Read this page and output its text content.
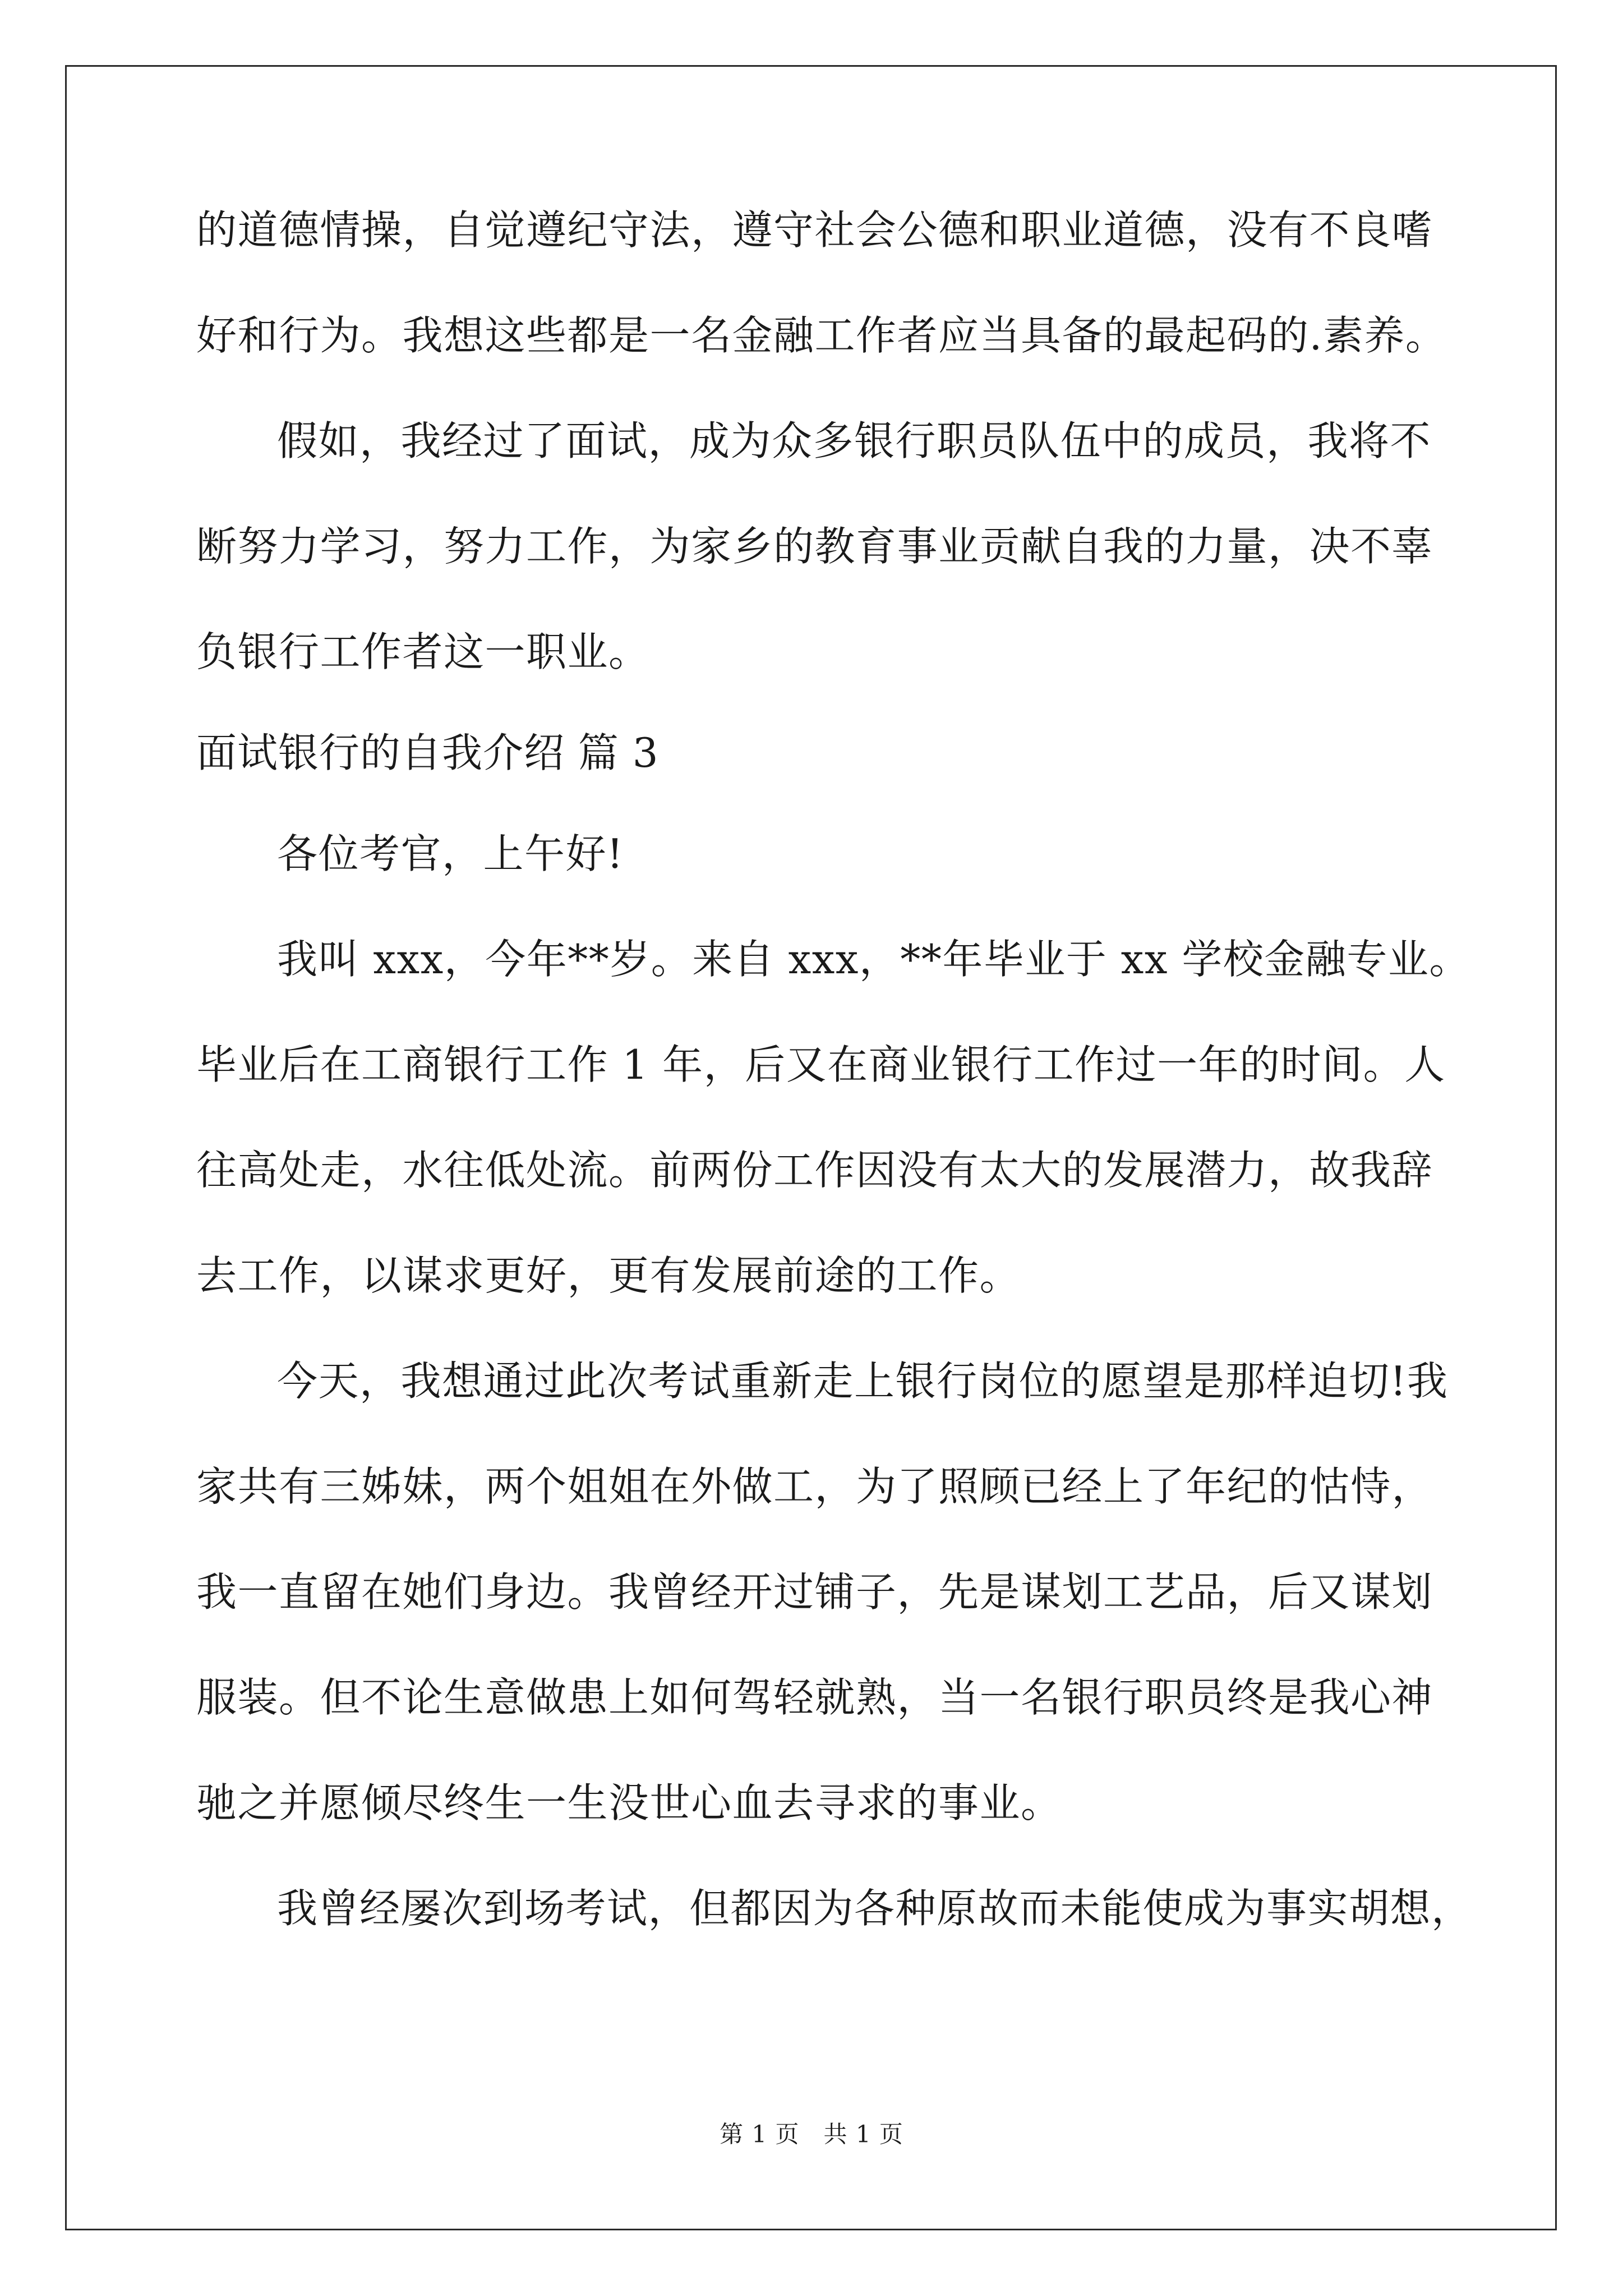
的道德情操，自觉遵纪守法，遵守社会公德和职业道德，没有不良嗜
好和行为。我想这些都是一名金融工作者应当具备的最起码的.素养。
假如，我经过了面试，成为众多银行职员队伍中的成员，我将不
断努力学习，努力工作，为家乡的教育事业贡献自我的力量，决不辜
负银行工作者这一职业。
面试银行的自我介绍 篇 3
各位考官，上午好!
我叫 xxx，今年**岁。来自 xxx，**年毕业于 xx 学校金融专业。
毕业后在工商银行工作 1 年，后又在商业银行工作过一年的时间。人
往高处走，水往低处流。前两份工作因没有太大的发展潜力，故我辞
去工作，以谋求更好，更有发展前途的工作。
今天，我想通过此次考试重新走上银行岗位的愿望是那样迫切!我
家共有三姊妹，两个姐姐在外做工，为了照顾已经上了年纪的怙恃，
我一直留在她们身边。我曾经开过铺子，先是谋划工艺品，后又谋划
服装。但不论生意做患上如何驾轻就熟，当一名银行职员终是我心神
驰之并愿倾尽终生一生没世心血去寻求的事业。
我曾经屡次到场考试，但都因为各种原故而未能使成为事实胡想，
第 1 页　共 1 页
